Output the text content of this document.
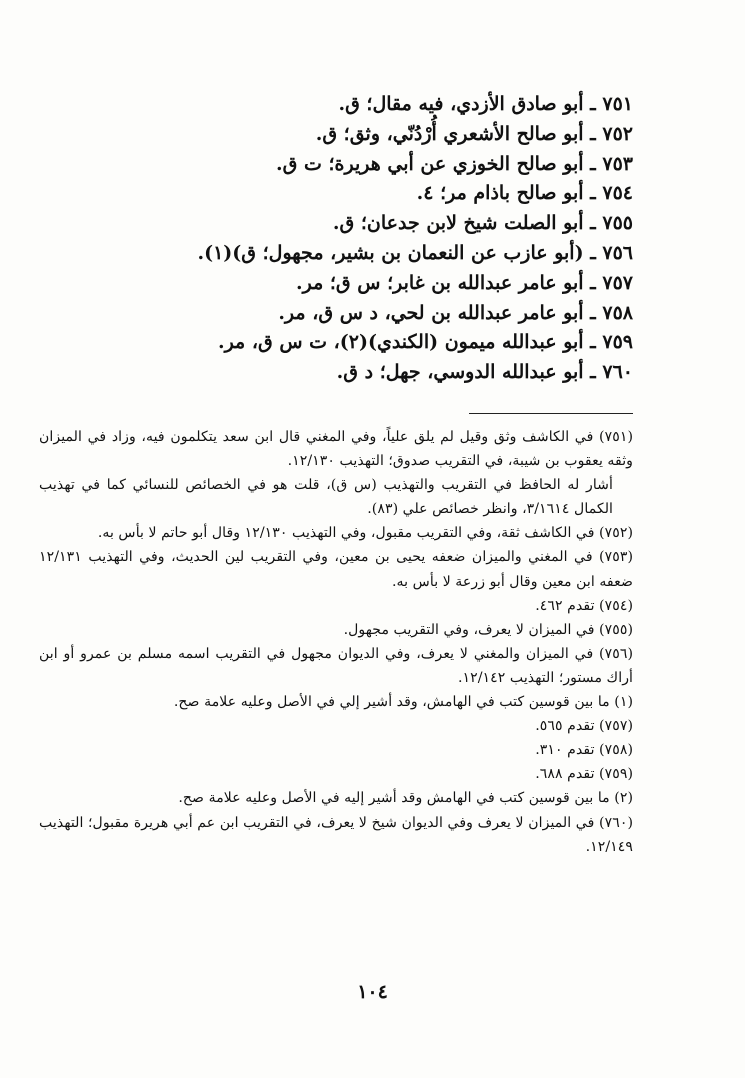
٧٥١ ـ أبو صادق الأزدي، فيه مقال؛ ق.
٧٥٢ ـ أبو صالح الأشعري أُرْدُنّي، وثق؛ ق.
٧٥٣ ـ أبو صالح الخوزي عن أبي هريرة؛ ت ق.
٧٥٤ ـ أبو صالح باذام مر؛ ٤.
٧٥٥ ـ أبو الصلت شيخ لابن جدعان؛ ق.
٧٥٦ ـ (أبو عازب عن النعمان بن بشير، مجهول؛ ق)(١).
٧٥٧ ـ أبو عامر عبدالله بن غابر؛ س ق؛ مر.
٧٥٨ ـ أبو عامر عبدالله بن لحي، د س ق، مر.
٧٥٩ ـ أبو عبدالله ميمون (الكندي)(٢)، ت س ق، مر.
٧٦٠ ـ أبو عبدالله الدوسي، جهل؛ د ق.
(٧٥١) في الكاشف وثق وقيل لم يلق علياً، وفي المغني قال ابن سعد يتكلمون فيه، وزاد في الميزان وثقه يعقوب بن شيبة، في التقريب صدوق؛ التهذيب ١٢/١٣٠.
أشار له الحافظ في التقريب والتهذيب (س ق)، قلت هو في الخصائص للنسائي كما في تهذيب الكمال ٣/١٦١٤، وانظر خصائص علي (٨٣).
(٧٥٢) في الكاشف ثقة، وفي التقريب مقبول، وفي التهذيب ١٢/١٣٠ وقال أبو حاتم لا بأس به.
(٧٥٣) في المغني والميزان ضعفه يحيى بن معين، وفي التقريب لين الحديث، وفي التهذيب ١٢/١٣١ ضعفه ابن معين وقال أبو زرعة لا بأس به.
(٧٥٤) تقدم ٤٦٢.
(٧٥٥) في الميزان لا يعرف، وفي التقريب مجهول.
(٧٥٦) في الميزان والمغني لا يعرف، وفي الديوان مجهول في التقريب اسمه مسلم بن عمرو أو ابن أراك مستور؛ التهذيب ١٢/١٤٢.
(١) ما بين قوسين كتب في الهامش، وقد أشير إلي في الأصل وعليه علامة صح.
(٧٥٧) تقدم ٥٦٥.
(٧٥٨) تقدم ٣١٠.
(٧٥٩) تقدم ٦٨٨.
(٢) ما بين قوسين كتب في الهامش وقد أشير إليه في الأصل وعليه علامة صح.
(٧٦٠) في الميزان لا يعرف وفي الديوان شيخ لا يعرف، في التقريب ابن عم أبي هريرة مقبول؛ التهذيب ١٢/١٤٩.
١٠٤
